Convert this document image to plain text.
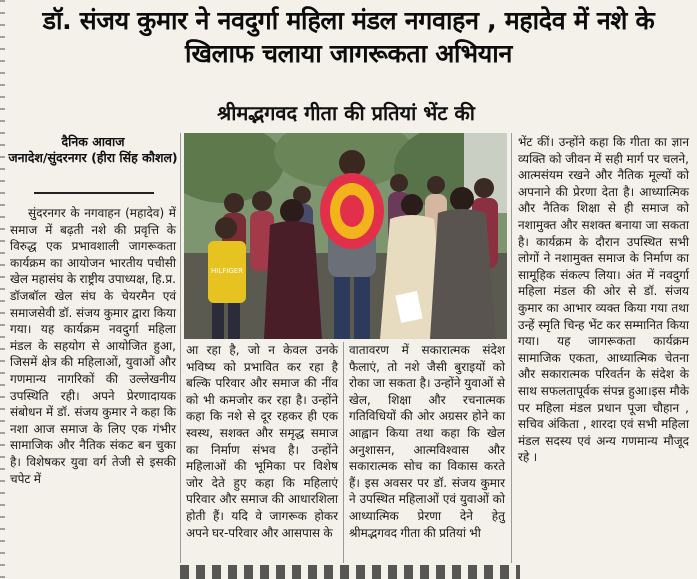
डॉ. संजय कुमार ने नवदुर्गा महिला मंडल नगवाहन , महादेव में नशे के खिलाफ चलाया जागरूकता अभियान
श्रीमद्भगवद गीता की प्रतियां भेंट की
दैनिक आवाज
जनादेश/सुंदरनगर (हीरा सिंह कौशल)

सुंदरनगर के नगवाहन (महादेव) में समाज में बढ़ती नशे की प्रवृत्ति के विरुद्ध एक प्रभावशाली जागरूकता कार्यक्रम का आयोजन भारतीय पचीसी खेल महासंघ के राष्ट्रीय उपाध्यक्ष, हि.प्र. डॉजबॉल खेल संघ के चेयरमैन एवं समाजसेवी डॉ. संजय कुमार द्वारा किया गया। यह कार्यक्रम नवदुर्गा महिला मंडल के सहयोग से आयोजित हुआ, जिसमें क्षेत्र की महिलाओं, युवाओं और गणमान्य नागरिकों की उल्लेखनीय उपस्थिति रही। अपने प्रेरणादायक संबोधन में डॉ. संजय कुमार ने कहा कि नशा आज समाज के लिए एक गंभीर सामाजिक और नैतिक संकट बन चुका है। विशेषकर युवा वर्ग तेजी से इसकी चपेट में

HILFIGER

आ रहा है, जो न केवल उनके भविष्य को प्रभावित कर रहा है बल्कि परिवार और समाज की नींव को भी कमजोर कर रहा है। उन्होंने कहा कि नशे से दूर रहकर ही एक स्वस्थ, सशक्त और समृद्ध समाज का निर्माण संभव है। उन्होंने महिलाओं की भूमिका पर विशेष जोर देते हुए कहा कि महिलाएं परिवार और समाज की आधारशिला होती हैं। यदि वे जागरूक होकर अपने घर-परिवार और आसपास के

वातावरण में सकारात्मक संदेश फैलाएं, तो नशे जैसी बुराइयों को रोका जा सकता है। उन्होंने युवाओं से खेल, शिक्षा और रचनात्मक गतिविधियों की ओर अग्रसर होने का आह्वान किया तथा कहा कि खेल अनुशासन, आत्मविश्वास और सकारात्मक सोच का विकास करते हैं। इस अवसर पर डॉ. संजय कुमार ने उपस्थित महिलाओं एवं युवाओं को आध्यात्मिक प्रेरणा देने हेतु श्रीमद्भगवद गीता की प्रतियां भी

भेंट कीं। उन्होंने कहा कि गीता का ज्ञान व्यक्ति को जीवन में सही मार्ग पर चलने, आत्मसंयम रखने और नैतिक मूल्यों को अपनाने की प्रेरणा देता है। आध्यात्मिक और नैतिक शिक्षा से ही समाज को नशामुक्त और सशक्त बनाया जा सकता है। कार्यक्रम के दौरान उपस्थित सभी लोगों ने नशामुक्त समाज के निर्माण का सामूहिक संकल्प लिया। अंत में नवदुर्गा महिला मंडल की ओर से डॉ. संजय कुमार का आभार व्यक्त किया गया तथा उन्हें स्मृति चिन्ह भेंट कर सम्मानित किया गया। यह जागरूकता कार्यक्रम सामाजिक एकता, आध्यात्मिक चेतना और सकारात्मक परिवर्तन के संदेश के साथ सफलतापूर्वक संपन्न हुआ।इस मौके पर महिला मंडल प्रधान पूजा चौहान , सचिव अंकिता , शारदा एवं सभी महिला मंडल सदस्य एवं अन्य गणमान्य मौजूद रहे ।
